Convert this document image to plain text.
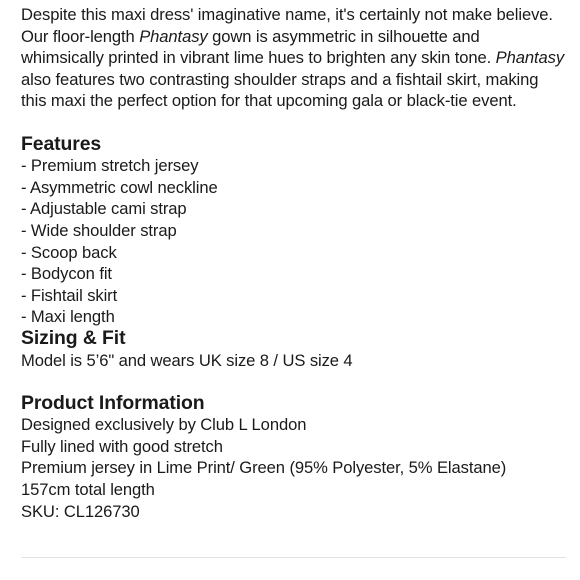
Despite this maxi dress' imaginative name, it's certainly not make believe. Our floor-length Phantasy gown is asymmetric in silhouette and whimsically printed in vibrant lime hues to brighten any skin tone. Phantasy also features two contrasting shoulder straps and a fishtail skirt, making this maxi the perfect option for that upcoming gala or black-tie event.

Features
- Premium stretch jersey
- Asymmetric cowl neckline
- Adjustable cami strap
- Wide shoulder strap
- Scoop back
- Bodycon fit
- Fishtail skirt
- Maxi length
Sizing & Fit

Model is 5’6" and wears UK size 8 / US size 4

Product Information

Designed exclusively by Club L London

Fully lined with good stretch

Premium jersey in Lime Print/ Green (95% Polyester, 5% Elastane)

157cm total length

SKU: CL126730
